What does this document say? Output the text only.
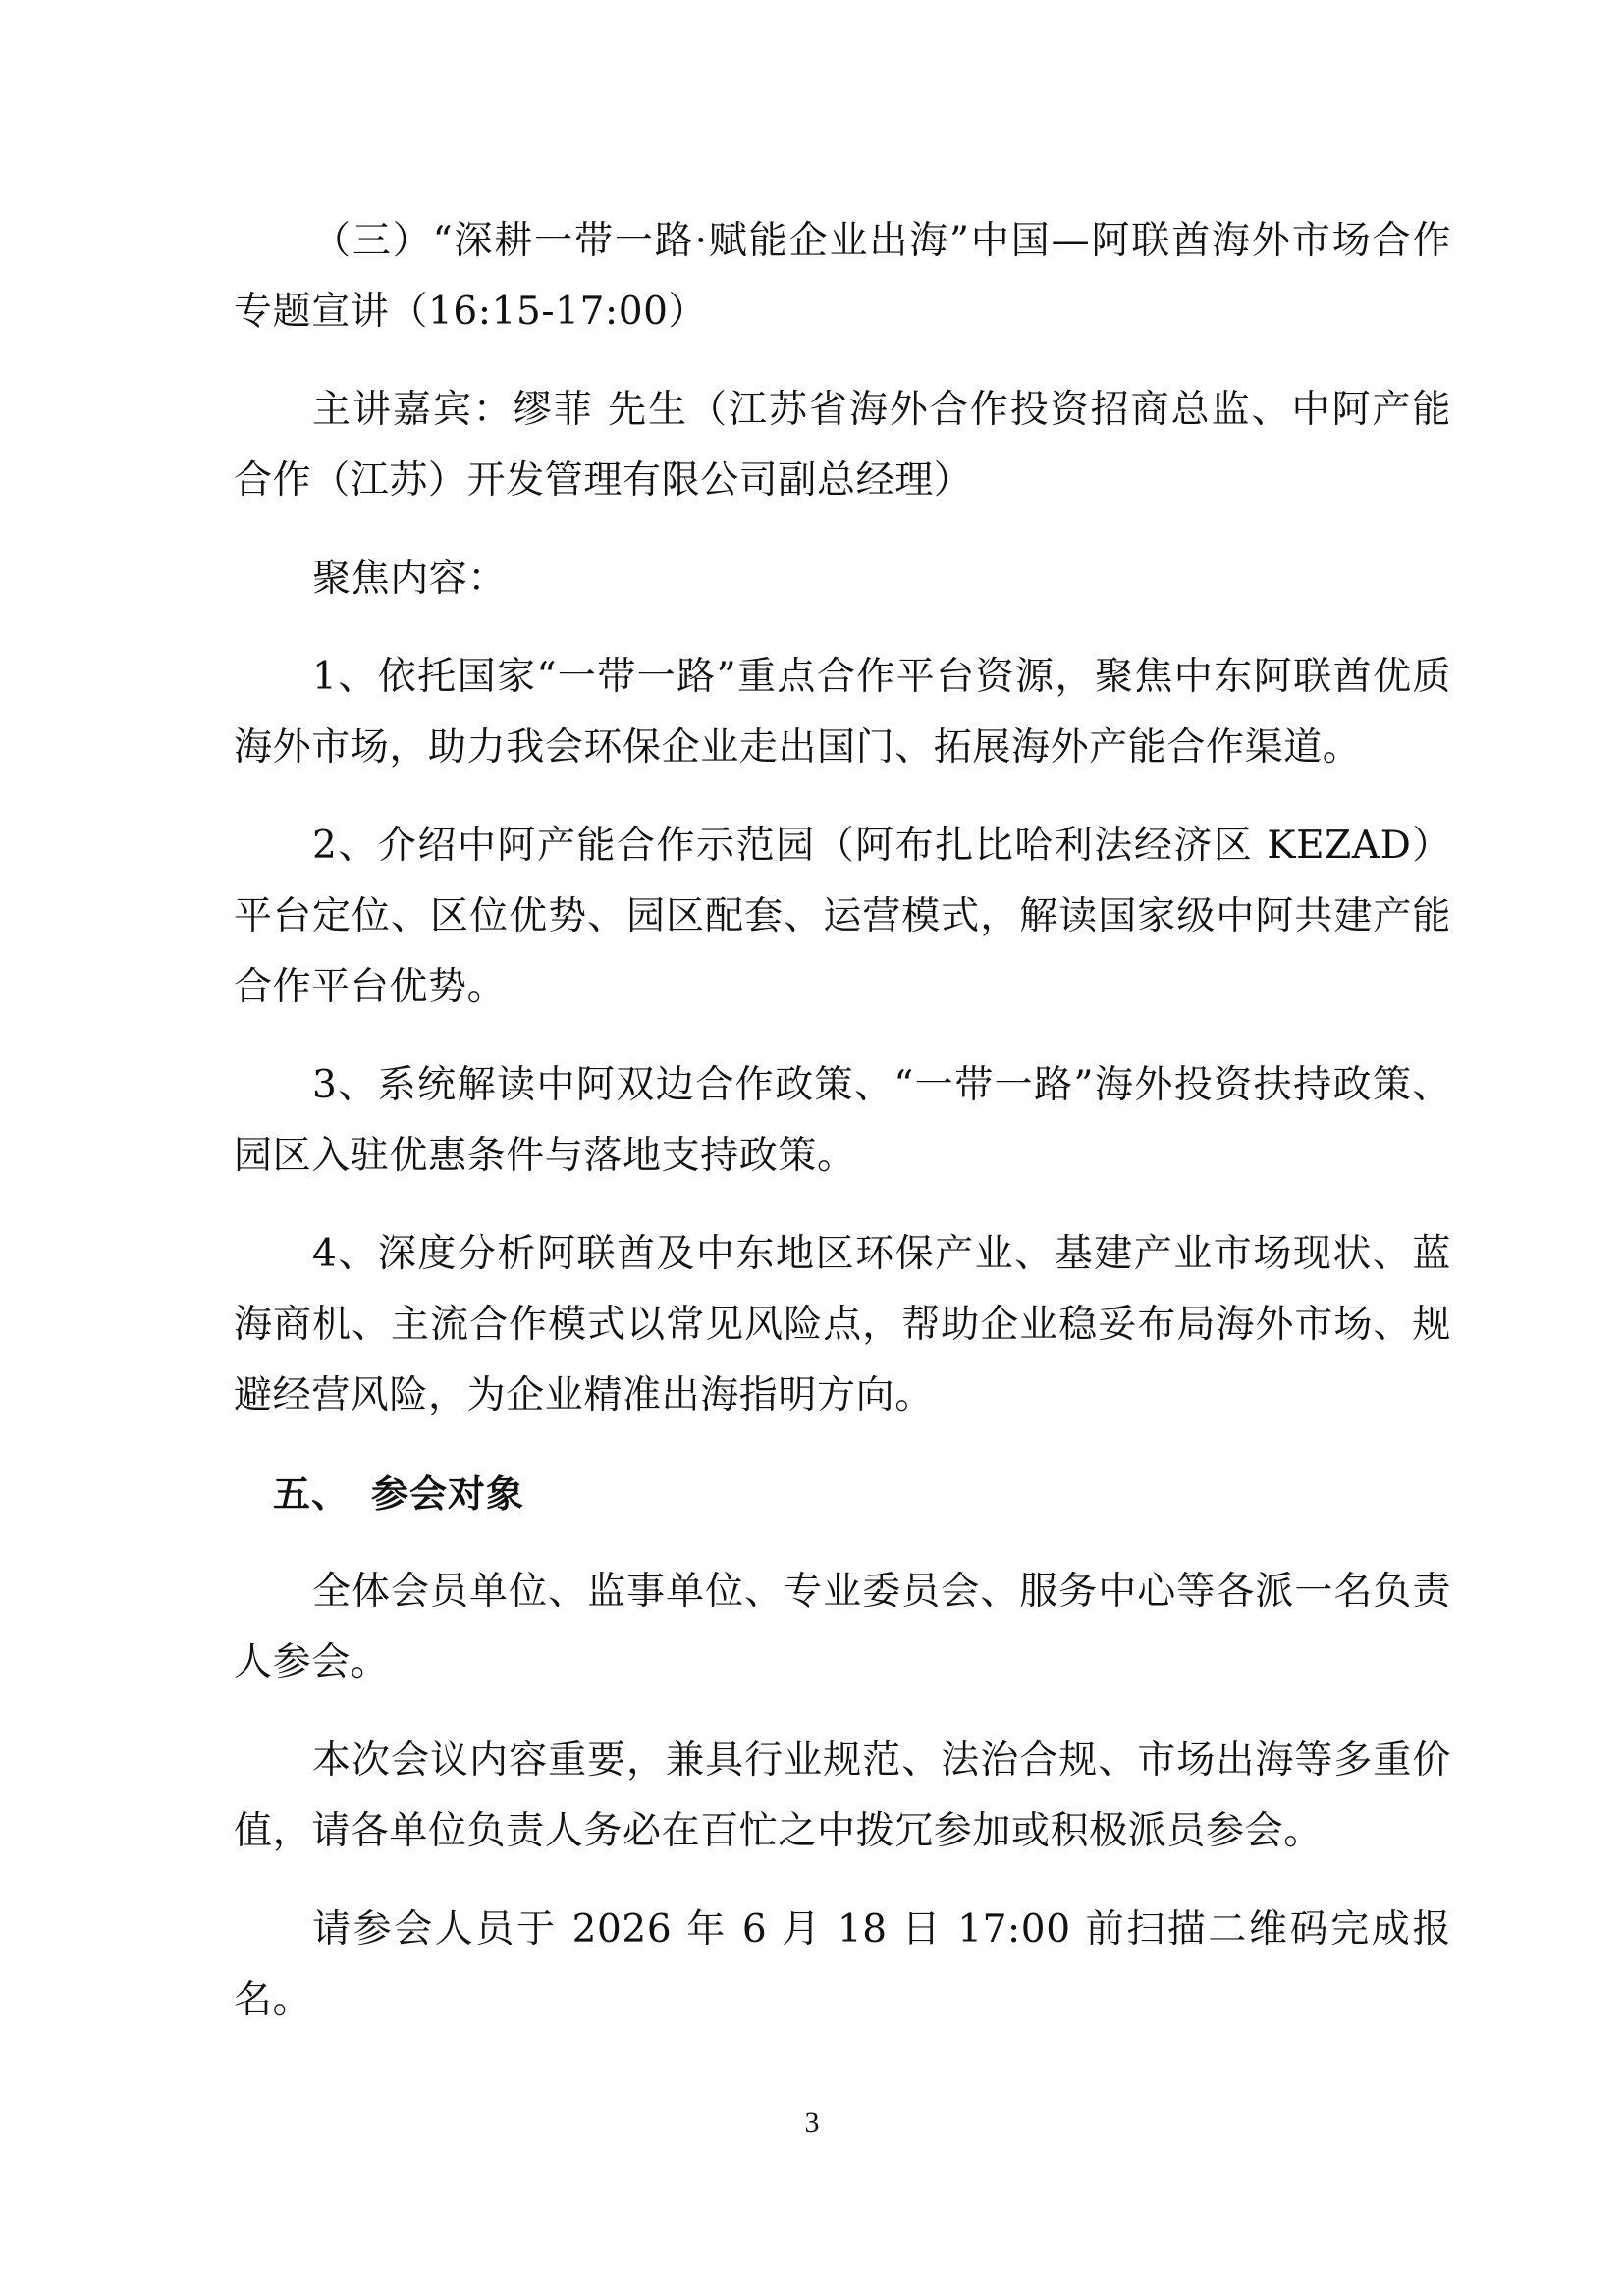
（三）“深耕一带一路·赋能企业出海”中国—阿联酋海外市场合作专题宣讲（16:15-17:00）

主讲嘉宾：缪菲 先生（江苏省海外合作投资招商总监、中阿产能合作（江苏）开发管理有限公司副总经理）

聚焦内容：

1、依托国家“一带一路”重点合作平台资源，聚焦中东阿联酋优质海外市场，助力我会环保企业走出国门、拓展海外产能合作渠道。

2、介绍中阿产能合作示范园（阿布扎比哈利法经济区 KEZAD）平台定位、区位优势、园区配套、运营模式，解读国家级中阿共建产能合作平台优势。

3、系统解读中阿双边合作政策、“一带一路”海外投资扶持政策、园区入驻优惠条件与落地支持政策。

4、深度分析阿联酋及中东地区环保产业、基建产业市场现状、蓝海商机、主流合作模式以常见风险点，帮助企业稳妥布局海外市场、规避经营风险，为企业精准出海指明方向。

五、 参会对象

全体会员单位、监事单位、专业委员会、服务中心等各派一名负责人参会。

本次会议内容重要，兼具行业规范、法治合规、市场出海等多重价值，请各单位负责人务必在百忙之中拨冗参加或积极派员参会。

请参会人员于 2026 年 6 月 18 日 17:00 前扫描二维码完成报名。

3
